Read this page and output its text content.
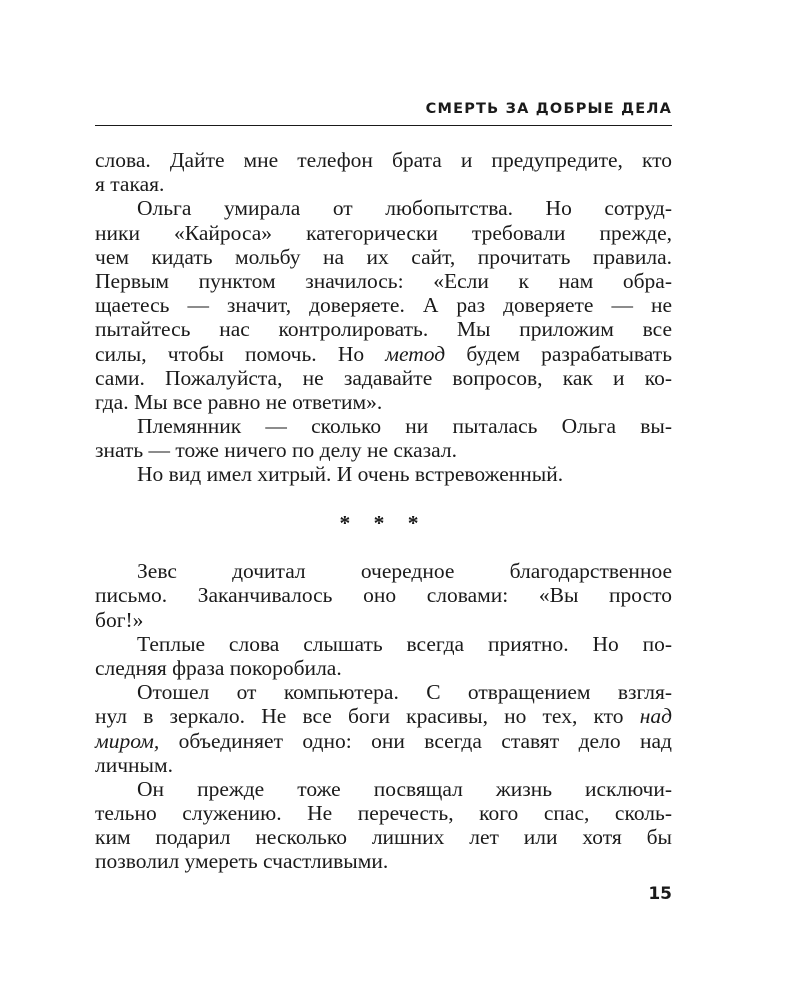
СМЕРТЬ ЗА ДОБРЫЕ ДЕЛА
слова. Дайте мне телефон брата и предупредите, кто
я такая.
Ольга умирала от любопытства. Но сотруд-
ники «Кайроса» категорически требовали прежде,
чем кидать мольбу на их сайт, прочитать правила.
Первым пунктом значилось: «Если к нам обра-
щаетесь — значит, доверяете. А раз доверяете — не
пытайтесь нас контролировать. Мы приложим все
силы, чтобы помочь. Но метод будем разрабатывать
сами. Пожалуйста, не задавайте вопросов, как и ко-
гда. Мы все равно не ответим».
Племянник — сколько ни пыталась Ольга вы-
знать — тоже ничего по делу не сказал.
Но вид имел хитрый. И очень встревоженный.
* * *
Зевс дочитал очередное благодарственное
письмо. Заканчивалось оно словами: «Вы просто
бог!»
Теплые слова слышать всегда приятно. Но по-
следняя фраза покоробила.
Отошел от компьютера. С отвращением взгля-
нул в зеркало. Не все боги красивы, но тех, кто над
миром, объединяет одно: они всегда ставят дело над
личным.
Он прежде тоже посвящал жизнь исключи-
тельно служению. Не перечесть, кого спас, сколь-
ким подарил несколько лишних лет или хотя бы
позволил умереть счастливыми.
15
